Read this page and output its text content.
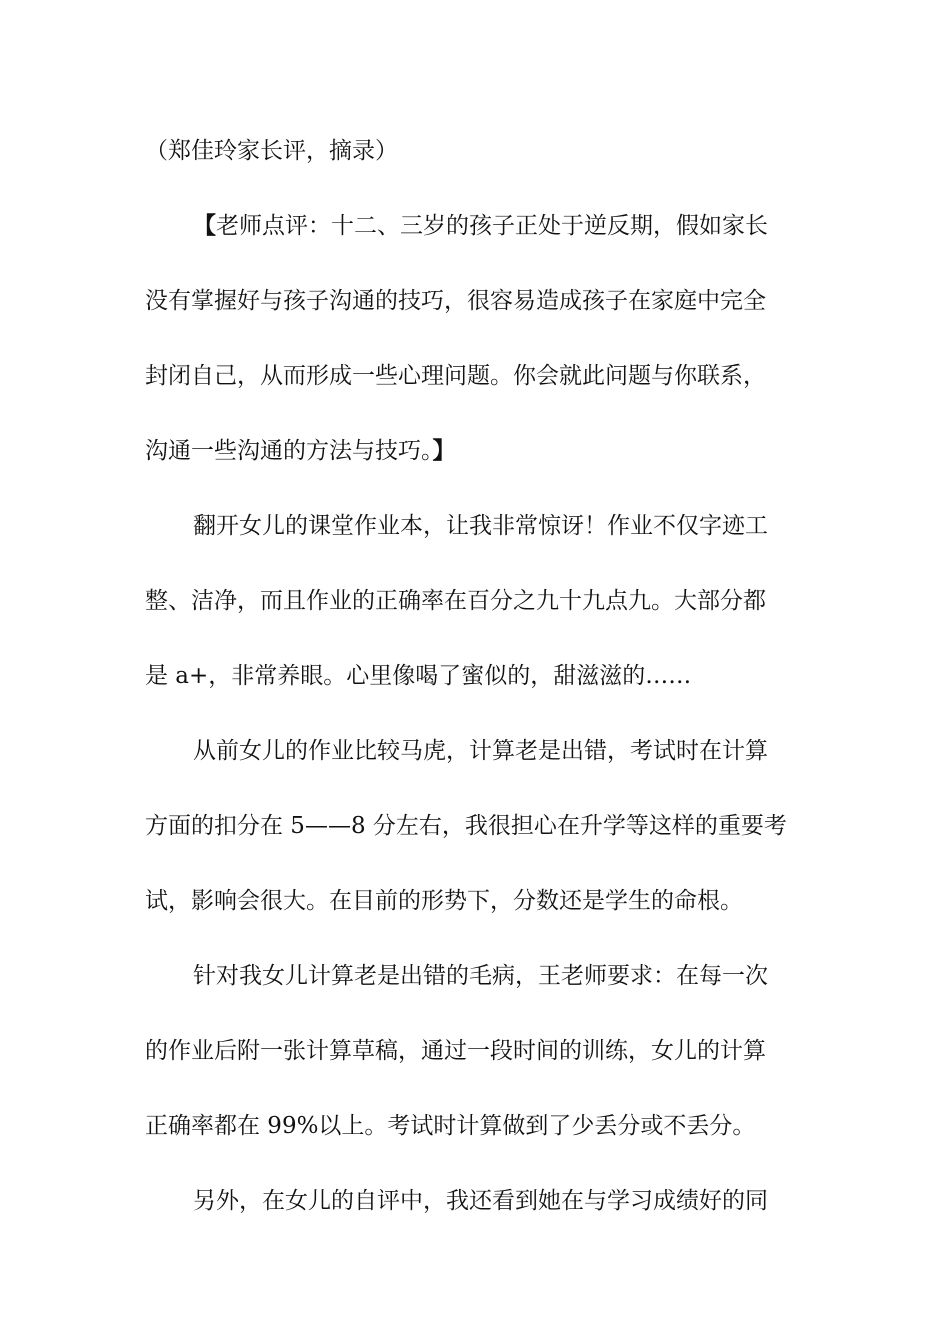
（郑佳玲家长评，摘录）
【老师点评：十二、三岁的孩子正处于逆反期，假如家长
没有掌握好与孩子沟通的技巧，很容易造成孩子在家庭中完全
封闭自己，从而形成一些心理问题。你会就此问题与你联系，
沟通一些沟通的方法与技巧。】
翻开女儿的课堂作业本，让我非常惊讶！作业不仅字迹工
整、洁净，而且作业的正确率在百分之九十九点九。大部分都
是 a+，非常养眼。心里像喝了蜜似的，甜滋滋的……
从前女儿的作业比较马虎，计算老是出错，考试时在计算
方面的扣分在 5——8 分左右，我很担心在升学等这样的重要考
试，影响会很大。在目前的形势下，分数还是学生的命根。
针对我女儿计算老是出错的毛病，王老师要求：在每一次
的作业后附一张计算草稿，通过一段时间的训练，女儿的计算
正确率都在 99%以上。考试时计算做到了少丢分或不丢分。
另外，在女儿的自评中，我还看到她在与学习成绩好的同
